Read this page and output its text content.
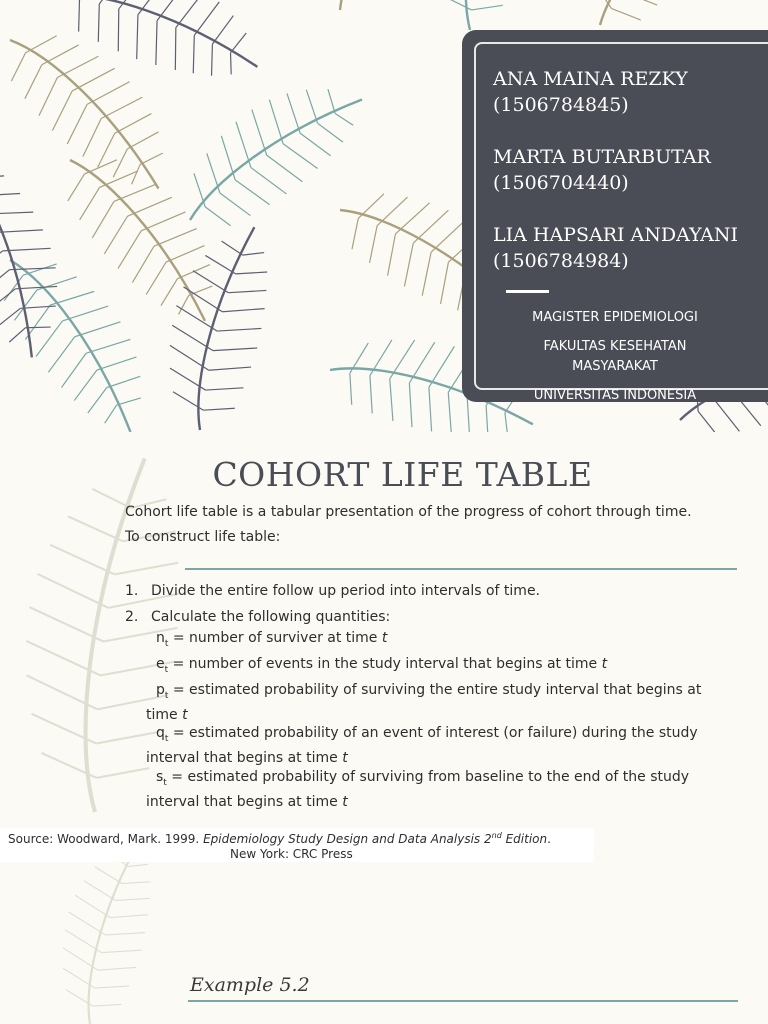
ANA MAINA REZKY
(1506784845)
MARTA BUTARBUTAR
(1506704440)
LIA HAPSARI ANDAYANI
(1506784984)
MAGISTER EPIDEMIOLOGI
FAKULTAS KESEHATAN
MASYARAKAT
UNIVERSITAS INDONESIA
COHORT LIFE TABLE
Cohort life table is a tabular presentation of the progress of cohort through time.
To construct life table:
1. Divide the entire follow up period into intervals of time.
2. Calculate the following quantities:
$n_t$ = number of surviver at time t
$e_t$ = number of events in the study interval that begins at time t
$p_t$ = estimated probability of surviving the entire study interval that begins at time t
$q_t$ = estimated probability of an event of interest (or failure) during the study interval that begins at time t
$s_t$ = estimated probability of surviving from baseline to the end of the study interval that begins at time t
Source: Woodward, Mark. 1999. Epidemiology Study Design and Data Analysis 2nd Edition.
New York: CRC Press
Example 5.2
